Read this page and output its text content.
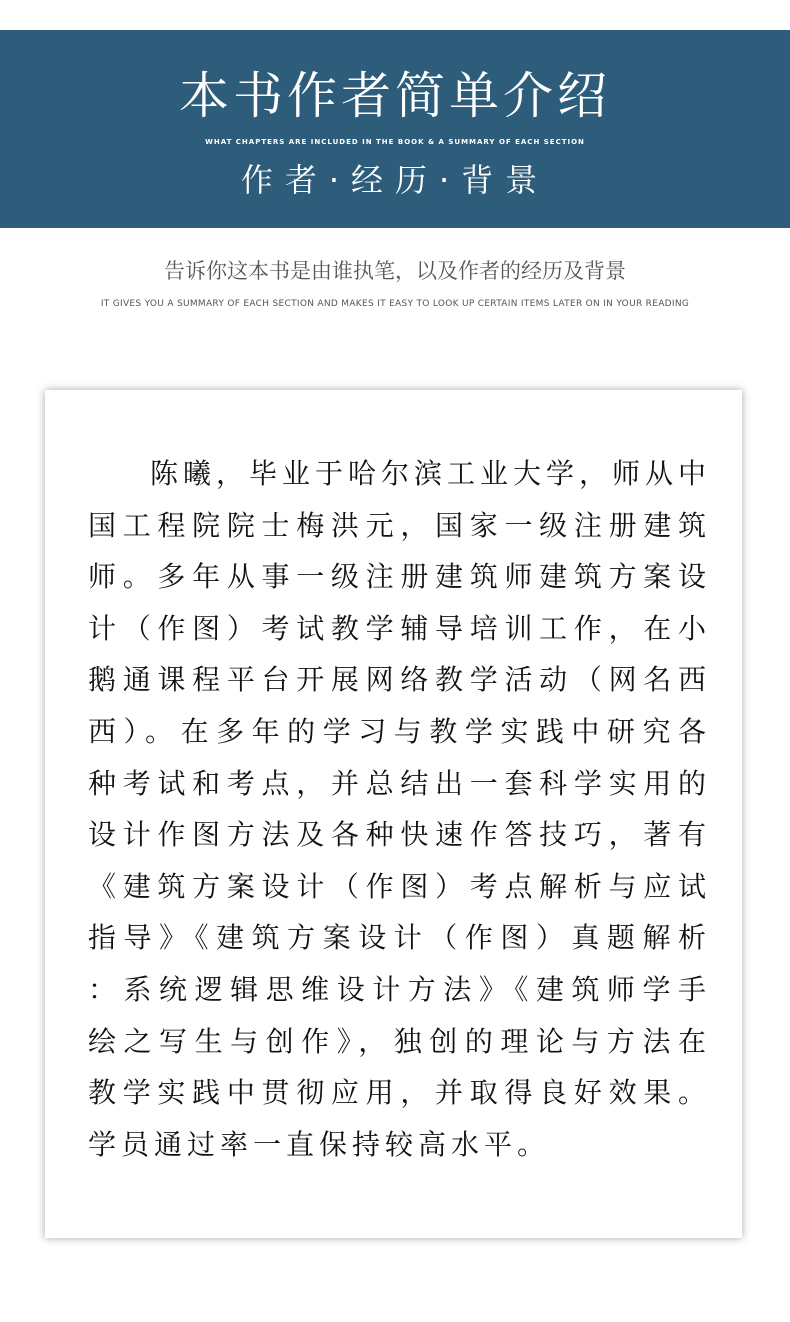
本书作者简单介绍
WHAT CHAPTERS ARE INCLUDED IN THE BOOK & A SUMMARY OF EACH SECTION
作者·经历·背景
告诉你这本书是由谁执笔，以及作者的经历及背景
IT GIVES YOU A SUMMARY OF EACH SECTION AND MAKES IT EASY TO LOOK UP CERTAIN ITEMS LATER ON IN YOUR READING
陈曦，毕业于哈尔滨工业大学，师从中
国工程院院士梅洪元，国家一级注册建筑
师。多年从事一级注册建筑师建筑方案设
计（作图）考试教学辅导培训工作，在小
鹅通课程平台开展网络教学活动（网名西
西）。在多年的学习与教学实践中研究各
种考试和考点，并总结出一套科学实用的
设计作图方法及各种快速作答技巧，著有
《建筑方案设计（作图）考点解析与应试
指导》《建筑方案设计（作图）真题解析
：系统逻辑思维设计方法》《建筑师学手
绘之写生与创作》，独创的理论与方法在
教学实践中贯彻应用，并取得良好效果。
学员通过率一直保持较高水平。
